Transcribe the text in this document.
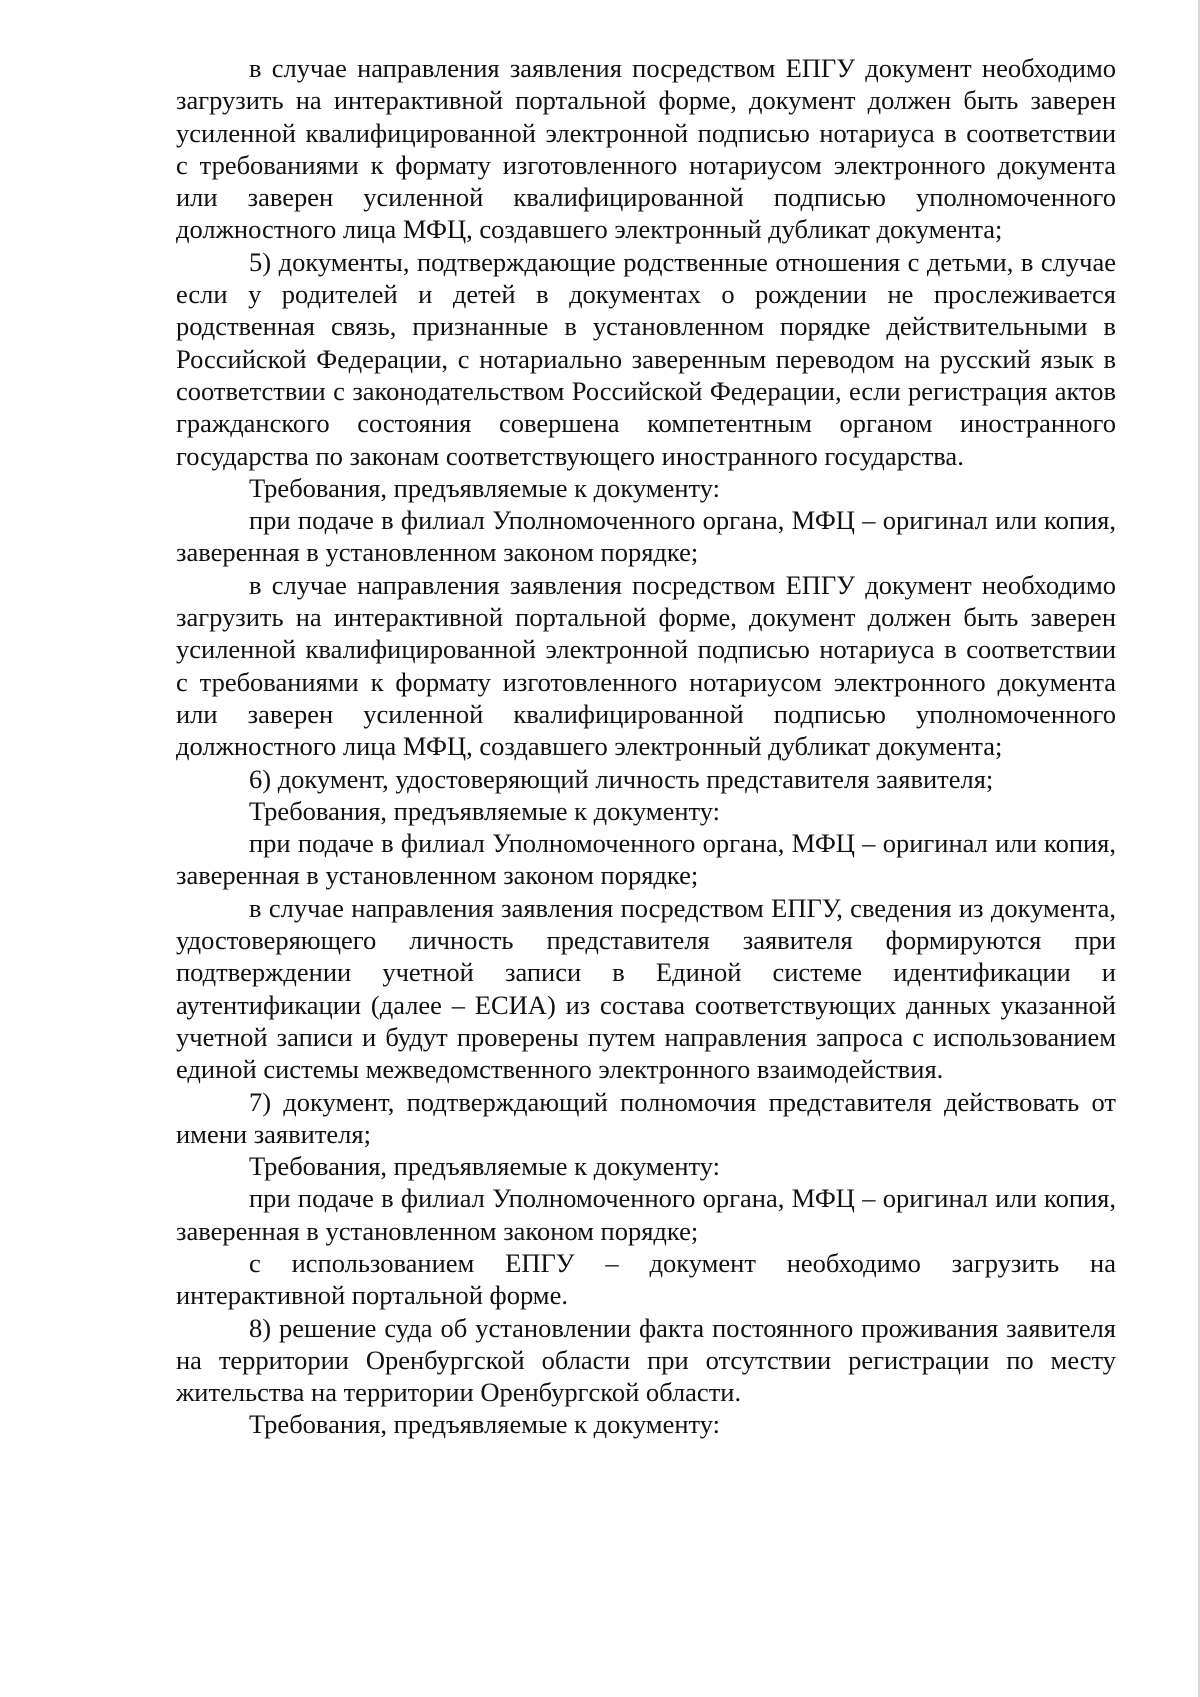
в случае направления заявления посредством ЕПГУ документ необходимо загрузить на интерактивной портальной форме, документ должен быть заверен усиленной квалифицированной электронной подписью нотариуса в соответствии с требованиями к формату изготовленного нотариусом электронного документа или заверен усиленной квалифицированной подписью уполномоченного должностного лица МФЦ, создавшего электронный дубликат документа;

5) документы, подтверждающие родственные отношения с детьми, в случае если у родителей и детей в документах о рождении не прослеживается родственная связь, признанные в установленном порядке действительными в Российской Федерации, с нотариально заверенным переводом на русский язык в соответствии с законодательством Российской Федерации, если регистрация актов гражданского состояния совершена компетентным органом иностранного государства по законам соответствующего иностранного государства.

Требования, предъявляемые к документу:

при подаче в филиал Уполномоченного органа, МФЦ – оригинал или копия, заверенная в установленном законом порядке;

в случае направления заявления посредством ЕПГУ документ необходимо загрузить на интерактивной портальной форме, документ должен быть заверен усиленной квалифицированной электронной подписью нотариуса в соответствии с требованиями к формату изготовленного нотариусом электронного документа или заверен усиленной квалифицированной подписью уполномоченного должностного лица МФЦ, создавшего электронный дубликат документа;

6) документ, удостоверяющий личность представителя заявителя;

Требования, предъявляемые к документу:

при подаче в филиал Уполномоченного органа, МФЦ – оригинал или копия, заверенная в установленном законом порядке;

в случае направления заявления посредством ЕПГУ, сведения из документа, удостоверяющего личность представителя заявителя формируются при подтверждении учетной записи в Единой системе идентификации и аутентификации (далее – ЕСИА) из состава соответствующих данных указанной учетной записи и будут проверены путем направления запроса с использованием единой системы межведомственного электронного взаимодействия.

7) документ, подтверждающий полномочия представителя действовать от имени заявителя;

Требования, предъявляемые к документу:

при подаче в филиал Уполномоченного органа, МФЦ – оригинал или копия, заверенная в установленном законом порядке;

с использованием ЕПГУ – документ необходимо загрузить на интерактивной портальной форме.

8) решение суда об установлении факта постоянного проживания заявителя на территории Оренбургской области при отсутствии регистрации по месту жительства на территории Оренбургской области.

Требования, предъявляемые к документу:
